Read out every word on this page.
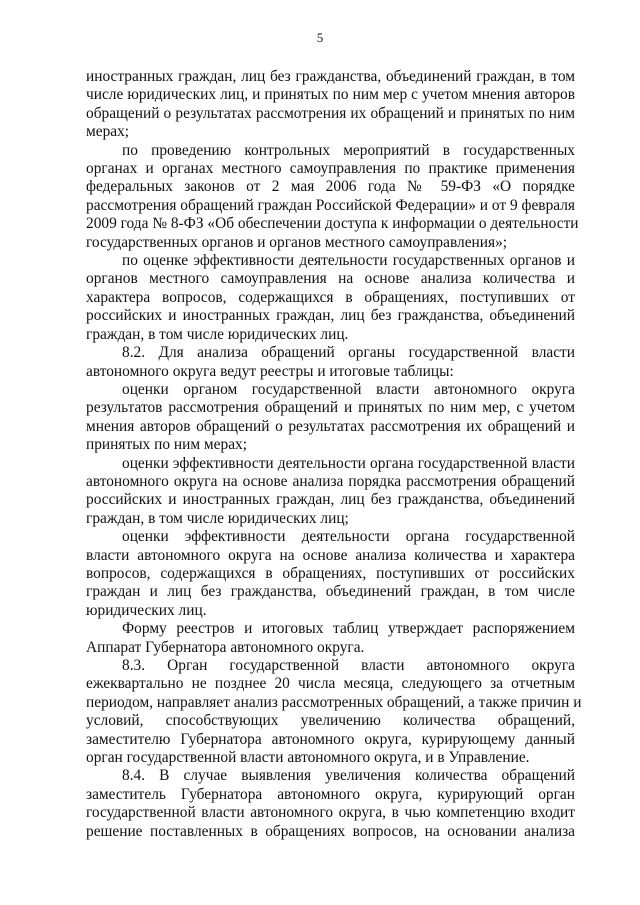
5
иностранных граждан, лиц без гражданства, объединений граждан, в том
числе юридических лиц, и принятых по ним мер с учетом мнения авторов
обращений о результатах рассмотрения их обращений и принятых по ним
мерах;
по проведению контрольных мероприятий в государственных
органах и органах местного самоуправления по практике применения
федеральных законов от 2 мая 2006 года № 59-ФЗ «О порядке
рассмотрения обращений граждан Российской Федерации» и от 9 февраля
2009 года № 8-ФЗ «Об обеспечении доступа к информации о деятельности
государственных органов и органов местного самоуправления»;
по оценке эффективности деятельности государственных органов и
органов местного самоуправления на основе анализа количества и
характера вопросов, содержащихся в обращениях, поступивших от
российских и иностранных граждан, лиц без гражданства, объединений
граждан, в том числе юридических лиц.
8.2. Для анализа обращений органы государственной власти
автономного округа ведут реестры и итоговые таблицы:
оценки органом государственной власти автономного округа
результатов рассмотрения обращений и принятых по ним мер, с учетом
мнения авторов обращений о результатах рассмотрения их обращений и
принятых по ним мерах;
оценки эффективности деятельности органа государственной власти
автономного округа на основе анализа порядка рассмотрения обращений
российских и иностранных граждан, лиц без гражданства, объединений
граждан, в том числе юридических лиц;
оценки эффективности деятельности органа государственной
власти автономного округа на основе анализа количества и характера
вопросов, содержащихся в обращениях, поступивших от российских
граждан и лиц без гражданства, объединений граждан, в том числе
юридических лиц.
Форму реестров и итоговых таблиц утверждает распоряжением
Аппарат Губернатора автономного округа.
8.3. Орган государственной власти автономного округа
ежеквартально не позднее 20 числа месяца, следующего за отчетным
периодом, направляет анализ рассмотренных обращений, а также причин и
условий, способствующих увеличению количества обращений,
заместителю Губернатора автономного округа, курирующему данный
орган государственной власти автономного округа, и в Управление.
8.4. В случае выявления увеличения количества обращений
заместитель Губернатора автономного округа, курирующий орган
государственной власти автономного округа, в чью компетенцию входит
решение поставленных в обращениях вопросов, на основании анализа
